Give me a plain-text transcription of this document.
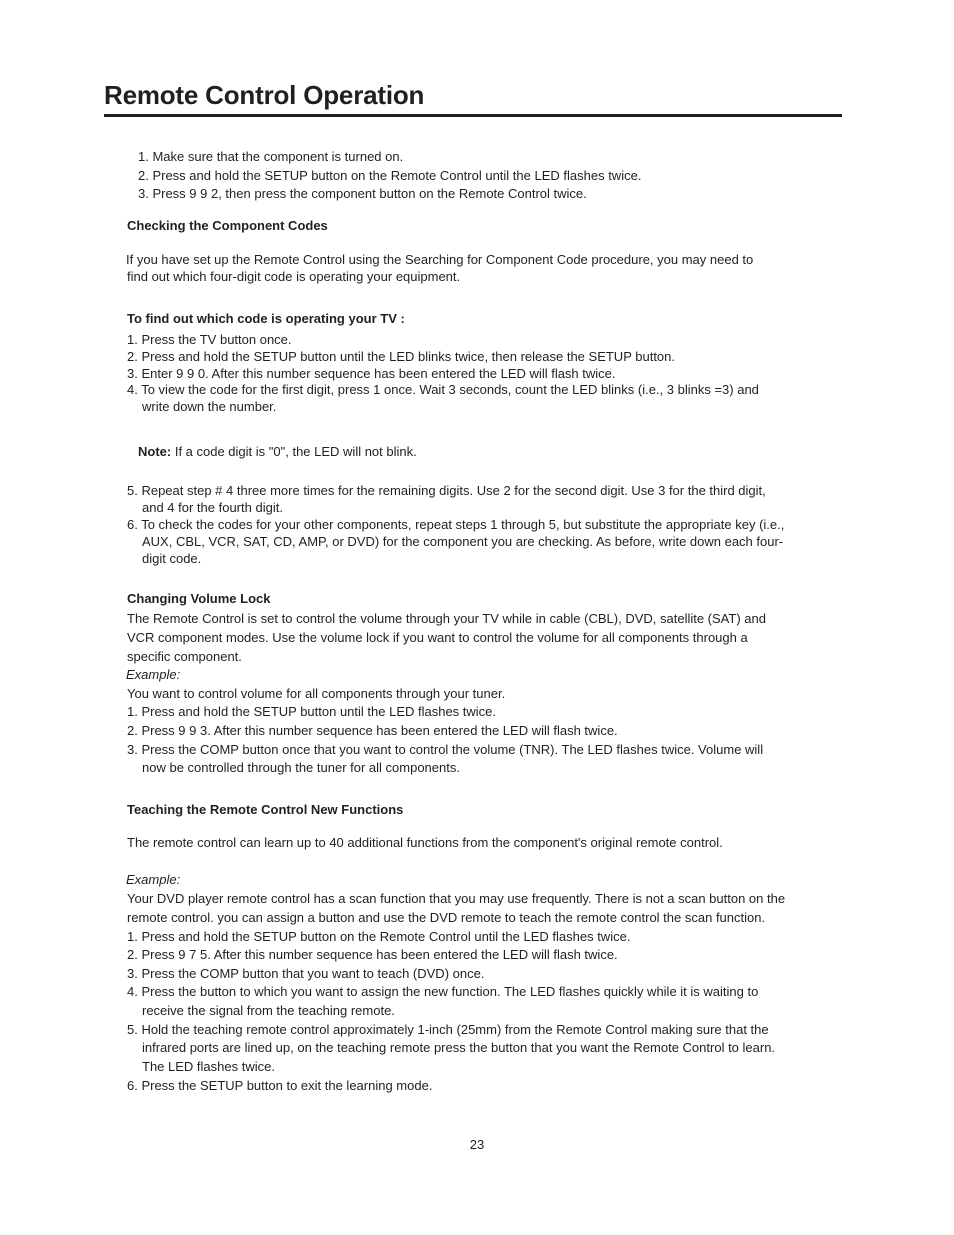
Remote Control Operation
1. Make sure that the component is turned on.
2. Press and hold the SETUP button on the Remote Control until the LED flashes twice.
3. Press 9 9 2, then press the component button on the Remote Control twice.
Checking the Component Codes
If you have set up the Remote Control using the Searching for Component Code procedure, you may need to
find out which four-digit code is operating your equipment.
To find out which code is operating your TV :
1. Press the TV button once.
2. Press and hold the SETUP button until the LED blinks twice, then release the SETUP button.
3. Enter 9 9 0. After this number sequence has been entered the LED will flash twice.
4. To view the code for the first digit, press 1 once. Wait 3 seconds, count the LED blinks (i.e., 3 blinks =3) and
write down the number.
Note: If a code digit is "0", the LED will not blink.
5. Repeat step # 4 three more times for the remaining digits. Use 2 for the second digit. Use 3 for the third digit,
and 4 for the fourth digit.
6. To check the codes for your other components, repeat steps 1 through 5, but substitute the appropriate key (i.e.,
AUX, CBL, VCR, SAT, CD, AMP, or DVD) for the component you are checking. As before, write down each four-
digit code.
Changing Volume Lock
The Remote Control is set to control the volume through your TV while in cable (CBL), DVD, satellite (SAT) and
VCR component modes. Use the volume lock if you want to control the volume for all components through a
specific component.
Example:
You want to control volume for all components through your tuner.
1. Press and hold the SETUP button until the LED flashes twice.
2. Press 9 9 3. After this number sequence has been entered the LED will flash twice.
3. Press the COMP button once that you want to control the volume (TNR). The LED flashes twice. Volume will
now be controlled through the tuner for all components.
Teaching the Remote Control New Functions
The remote control can learn up to 40 additional functions from the component's original remote control.
Example:
Your DVD player remote control has a scan function that you may use frequently. There is not a scan button on the
remote control. you can assign a button and use the DVD remote to teach the remote control the scan function.
1. Press and hold the SETUP button on the Remote Control until the LED flashes twice.
2. Press 9 7 5. After this number sequence has been entered the LED will flash twice.
3. Press the COMP button that you want to teach (DVD) once.
4. Press the button to which you want to assign the new function. The LED flashes quickly while it is waiting to
receive the signal from the teaching remote.
5. Hold the teaching remote control approximately 1-inch (25mm) from the Remote Control making sure that the
infrared ports are lined up, on the teaching remote press the button that you want the Remote Control to learn.
The LED flashes twice.
6. Press the SETUP button to exit the learning mode.
23
